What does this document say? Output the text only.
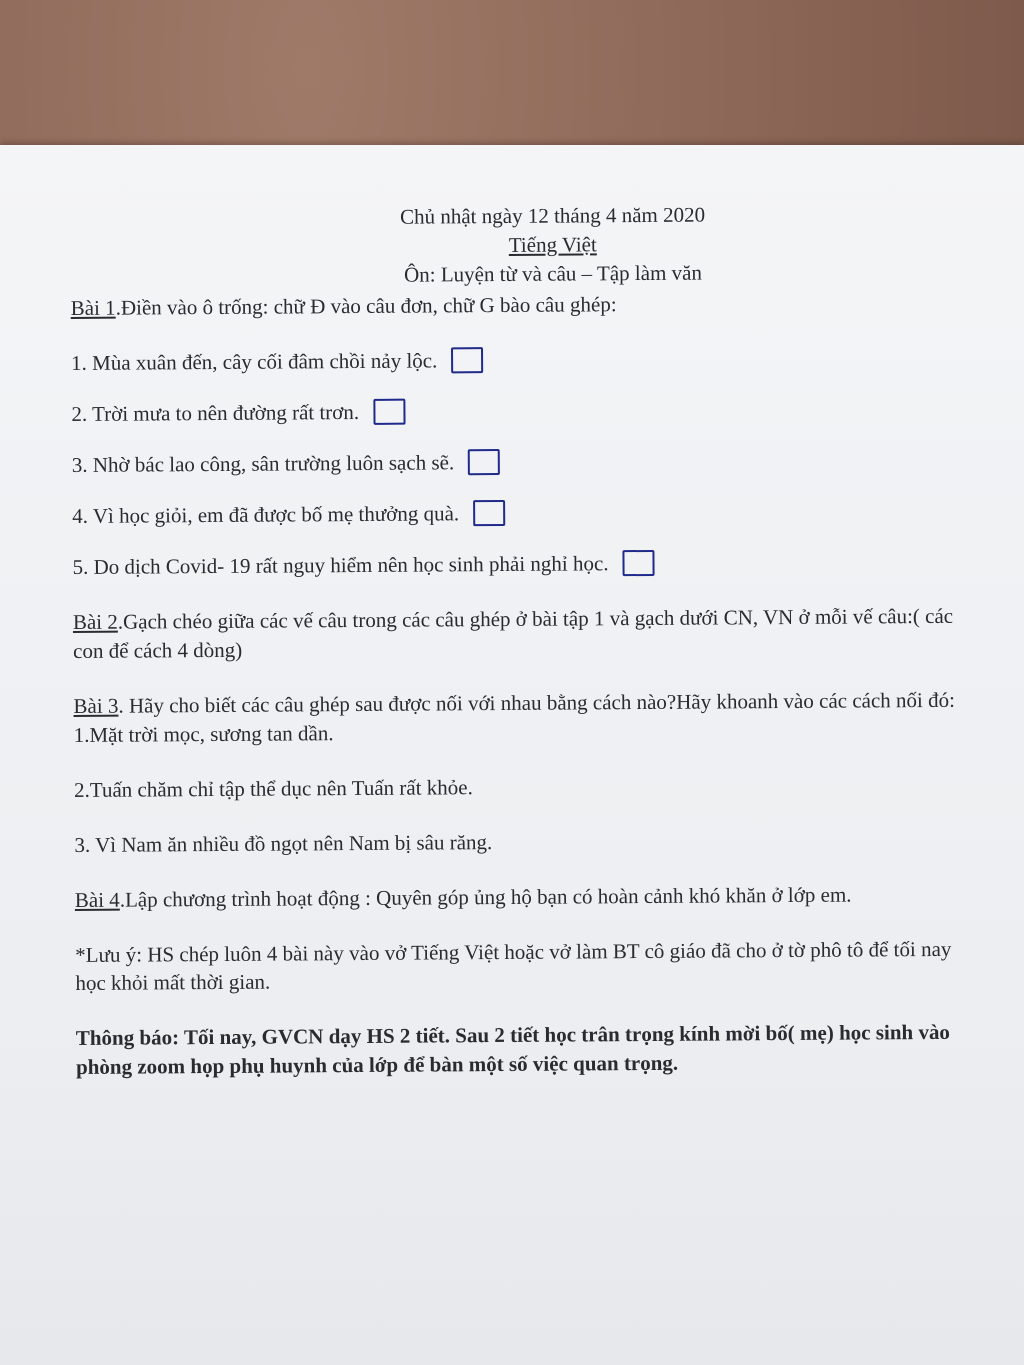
Chủ nhật ngày 12 tháng 4 năm 2020

Tiếng Việt

Ôn: Luyện từ và câu – Tập làm văn

Bài 1.Điền vào ô trống: chữ Đ vào câu đơn, chữ G bào câu ghép:

1. Mùa xuân đến, cây cối đâm chồi nảy lộc.
2. Trời mưa to nên đường rất trơn.
3. Nhờ bác lao công, sân trường luôn sạch sẽ.
4. Vì học giỏi, em đã được bố mẹ thưởng quà.
5. Do dịch Covid- 19 rất nguy hiểm nên học sinh phải nghỉ học.

Bài 2.Gạch chéo giữa các vế câu trong các câu ghép ở bài tập 1 và gạch dưới CN, VN ở mỗi vế câu:( các con để cách 4 dòng)

Bài 3. Hãy cho biết các câu ghép sau được nối với nhau bằng cách nào?Hãy khoanh vào các cách nối đó:

1.Mặt trời mọc, sương tan dần.

2.Tuấn chăm chỉ tập thể dục nên Tuấn rất khỏe.

3. Vì Nam ăn nhiều đồ ngọt nên Nam bị sâu răng.

Bài 4.Lập chương trình hoạt động : Quyên góp ủng hộ bạn có hoàn cảnh khó khăn ở lớp em.

*Lưu ý: HS chép luôn 4 bài này vào vở Tiếng Việt hoặc vở làm BT cô giáo đã cho ở tờ phô tô để tối nay học khỏi mất thời gian.

Thông báo: Tối nay, GVCN dạy HS 2 tiết. Sau 2 tiết học trân trọng kính mời bố( mẹ) học sinh vào phòng zoom họp phụ huynh của lớp để bàn một số việc quan trọng.
